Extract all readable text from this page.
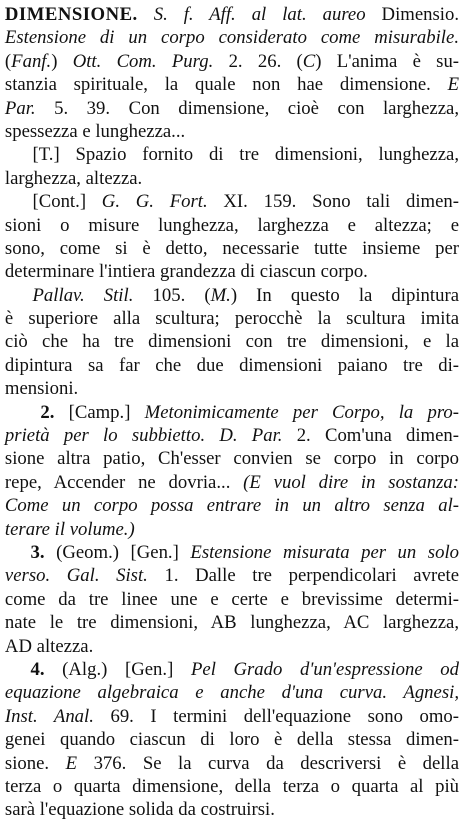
DIMENSIONE. S. f. Aff. al lat. aureo Dimensio.
Estensione di un corpo considerato come misurabile.
(Fanf.) Ott. Com. Purg. 2. 26. (C) L'anima è su-
stanzia spirituale, la quale non hae dimensione. E
Par. 5. 39. Con dimensione, cioè con larghezza,
spessezza e lunghezza...
[T.] Spazio fornito di tre dimensioni, lunghezza,
larghezza, altezza.
[Cont.] G. G. Fort. XI. 159. Sono tali dimen-
sioni o misure lunghezza, larghezza e altezza; e
sono, come si è detto, necessarie tutte insieme per
determinare l'intiera grandezza di ciascun corpo.
Pallav. Stil. 105. (M.) In questo la dipintura
è superiore alla scultura; perocchè la scultura imita
ciò che ha tre dimensioni con tre dimensioni, e la
dipintura sa far che due dimensioni paiano tre di-
mensioni.
2. [Camp.] Metonimicamente per Corpo, la pro-
prietà per lo subbietto. D. Par. 2. Com'una dimen-
sione altra patio, Ch'esser convien se corpo in corpo
repe, Accender ne dovria... (E vuol dire in sostanza:
Come un corpo possa entrare in un altro senza al-
terare il volume.)
3. (Geom.) [Gen.] Estensione misurata per un solo
verso. Gal. Sist. 1. Dalle tre perpendicolari avrete
come da tre linee une e certe e brevissime determi-
nate le tre dimensioni, AB lunghezza, AC larghezza,
AD altezza.
4. (Alg.) [Gen.] Pel Grado d'un'espressione od
equazione algebraica e anche d'una curva. Agnesi,
Inst. Anal. 69. I termini dell'equazione sono omo-
genei quando ciascun di loro è della stessa dimen-
sione. E 376. Se la curva da descriversi è della
terza o quarta dimensione, della terza o quarta al più
sarà l'equazione solida da costruirsi.
